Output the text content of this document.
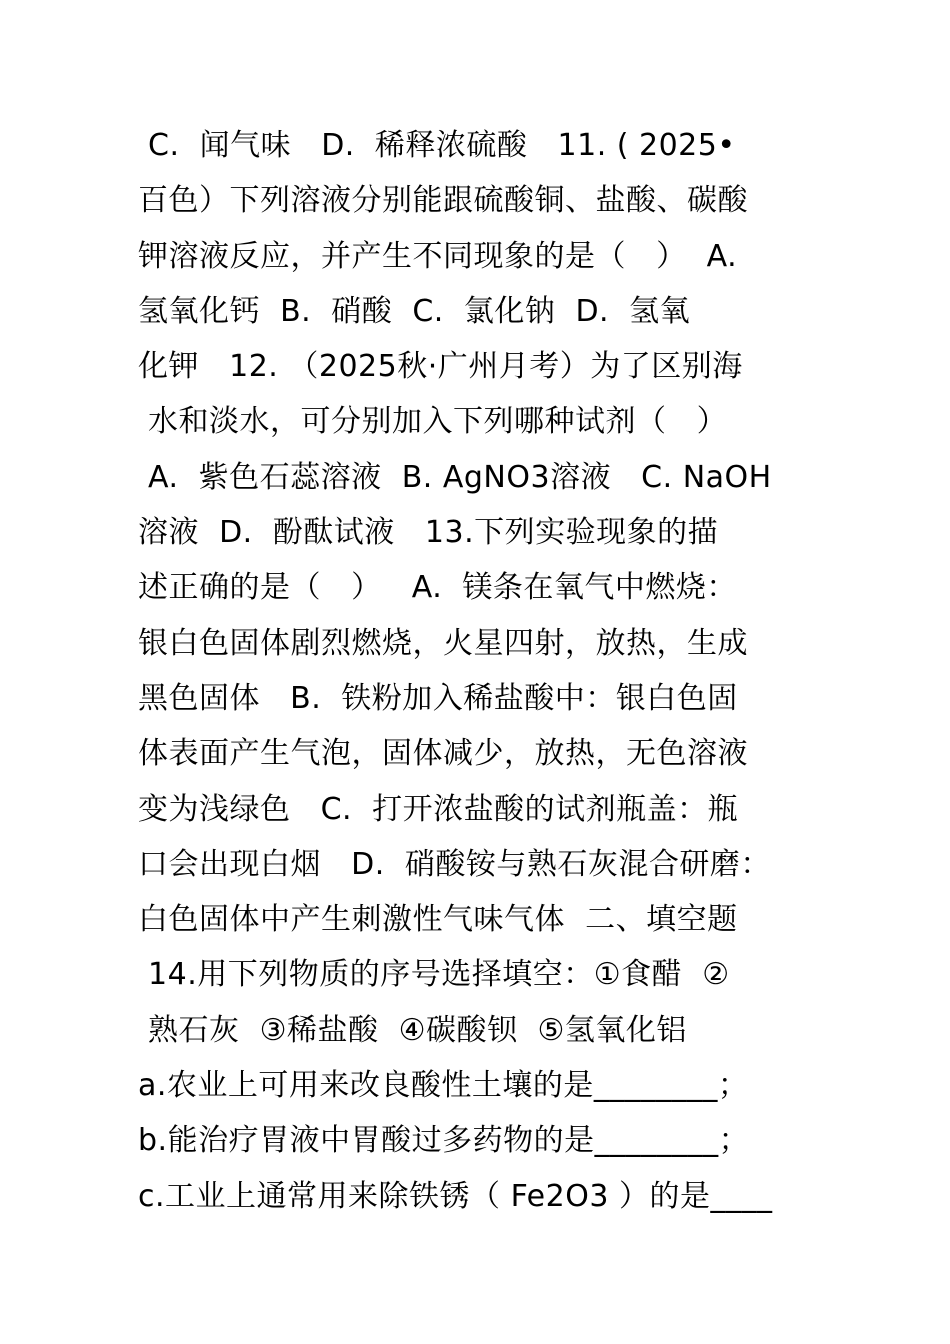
C.  闻气味   D.  稀释浓硫酸   11. ( 2025•
百色）下列溶液分别能跟硫酸铜、盐酸、碳酸
钾溶液反应，并产生不同现象的是（   ）  A.
氢氧化钙  B.  硝酸  C.  氯化钠  D.  氢氧
化钾   12. （2025秋·广州月考）为了区别海
水和淡水，可分别加入下列哪种试剂（   ）
A.  紫色石蕊溶液  B. AgNO3溶液   C. NaOH
溶液  D.  酚酞试液   13.下列实验现象的描
述正确的是（   ）   A.  镁条在氧气中燃烧：
银白色固体剧烈燃烧，火星四射，放热，生成
黑色固体   B.  铁粉加入稀盐酸中：银白色固
体表面产生气泡，固体减少，放热，无色溶液
变为浅绿色   C.  打开浓盐酸的试剂瓶盖：瓶
口会出现白烟   D.  硝酸铵与熟石灰混合研磨：
白色固体中产生刺激性气味气体  二、填空题
14.用下列物质的序号选择填空：①食醋  ②
熟石灰  ③稀盐酸  ④碳酸钡  ⑤氢氧化铝
a.农业上可用来改良酸性土壤的是________；
b.能治疗胃液中胃酸过多药物的是________；
c.工业上通常用来除铁锈（ Fe2O3 ）的是____
